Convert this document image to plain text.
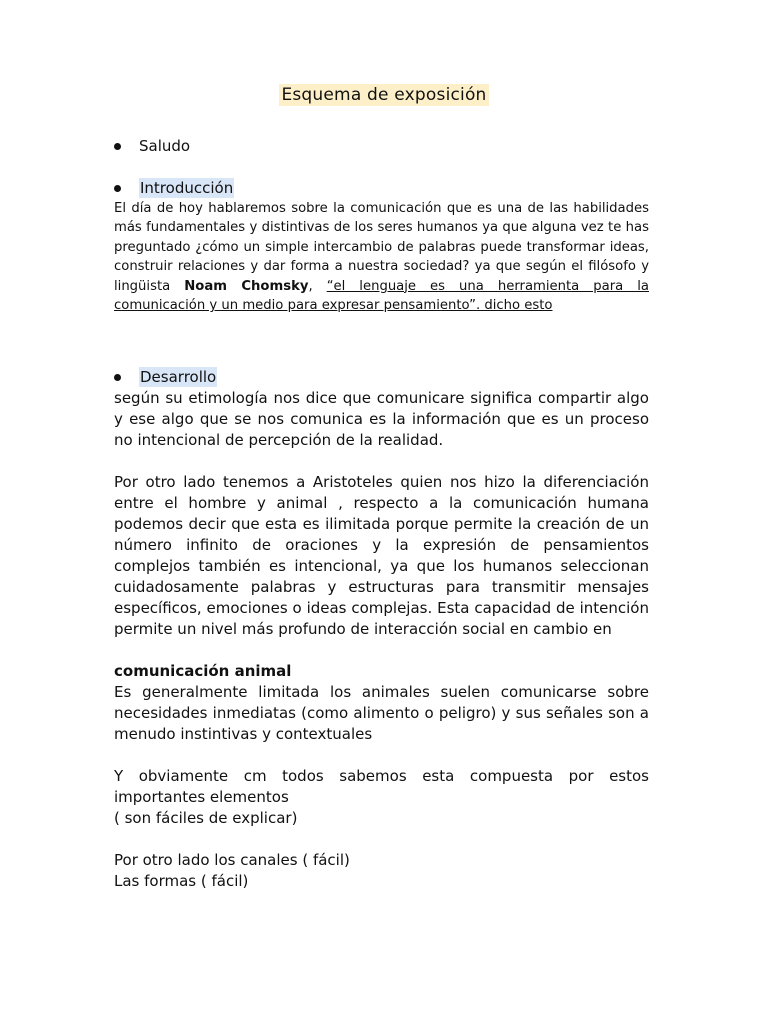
Esquema de exposición
Saludo
Introducción

El día de hoy hablaremos sobre la comunicación que es una de las habilidades más fundamentales y distintivas de los seres humanos ya que alguna vez te has preguntado ¿cómo un simple intercambio de palabras puede transformar ideas, construir relaciones y dar forma a nuestra sociedad? ya que según el filósofo y lingüista Noam Chomsky, “el lenguaje es una herramienta para la comunicación y un medio para expresar pensamiento”. dicho esto

Desarrollo

según su etimología nos dice que comunicare significa compartir algo y ese algo que se nos comunica es la información que es un proceso no intencional de percepción de la realidad.

Por otro lado tenemos a Aristoteles quien nos hizo la diferenciación entre el hombre y animal , respecto a la comunicación humana podemos decir que esta es ilimitada porque permite la creación de un número infinito de oraciones y la expresión de pensamientos complejos también es intencional, ya que los humanos seleccionan cuidadosamente palabras y estructuras para transmitir mensajes específicos, emociones o ideas complejas. Esta capacidad de intención permite un nivel más profundo de interacción social en cambio en

comunicación animal

Es generalmente limitada los animales suelen comunicarse sobre necesidades inmediatas (como alimento o peligro) y sus señales son a menudo instintivas y contextuales

Y obviamente cm todos sabemos esta compuesta por estos importantes elementos

( son fáciles de explicar)

Por otro lado los canales ( fácil)

Las formas ( fácil)
